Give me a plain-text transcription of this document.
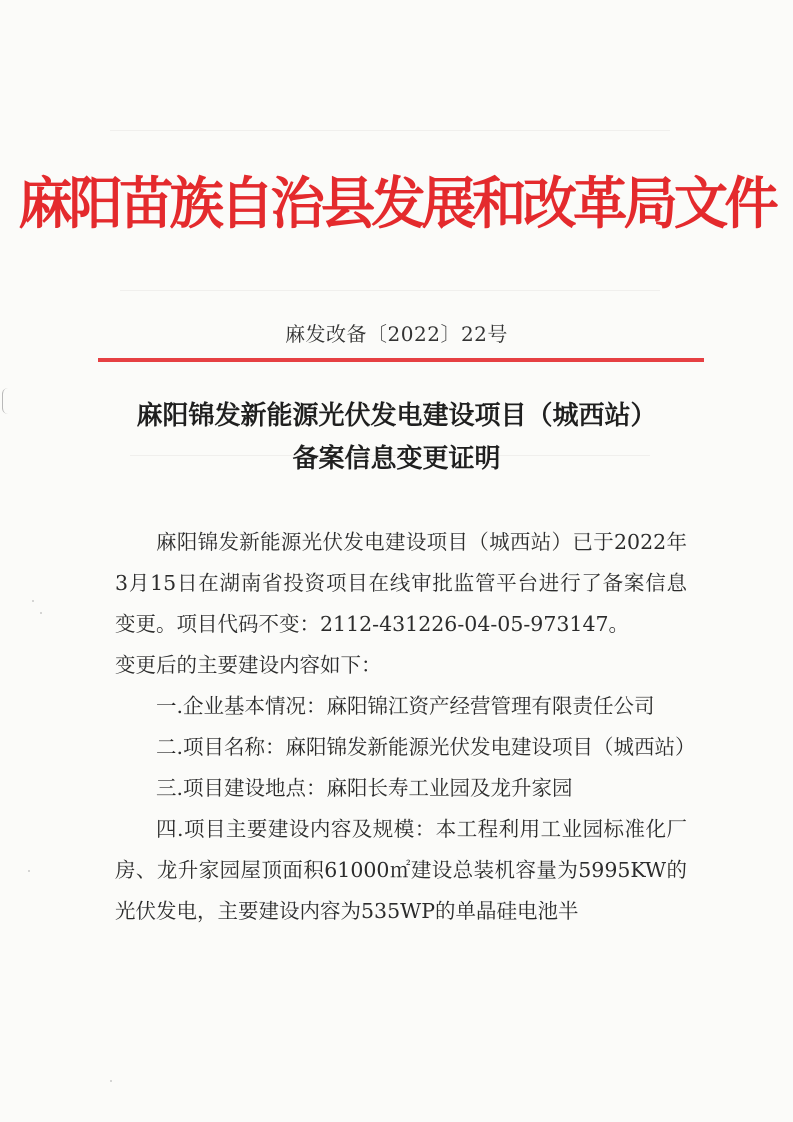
麻阳苗族自治县发展和改革局文件
麻发改备〔2022〕22号
麻阳锦发新能源光伏发电建设项目（城西站）
备案信息变更证明

麻阳锦发新能源光伏发电建设项目（城西站）已于2022年3月15日在湖南省投资项目在线审批监管平台进行了备案信息变更。项目代码不变：2112-431226-04-05-973147。

变更后的主要建设内容如下：

一.企业基本情况：麻阳锦江资产经营管理有限责任公司

二.项目名称：麻阳锦发新能源光伏发电建设项目（城西站）

三.项目建设地点：麻阳长寿工业园及龙升家园

四.项目主要建设内容及规模：本工程利用工业园标准化厂房、龙升家园屋顶面积61000㎡建设总装机容量为5995KW的光伏发电，主要建设内容为535WP的单晶硅电池半
